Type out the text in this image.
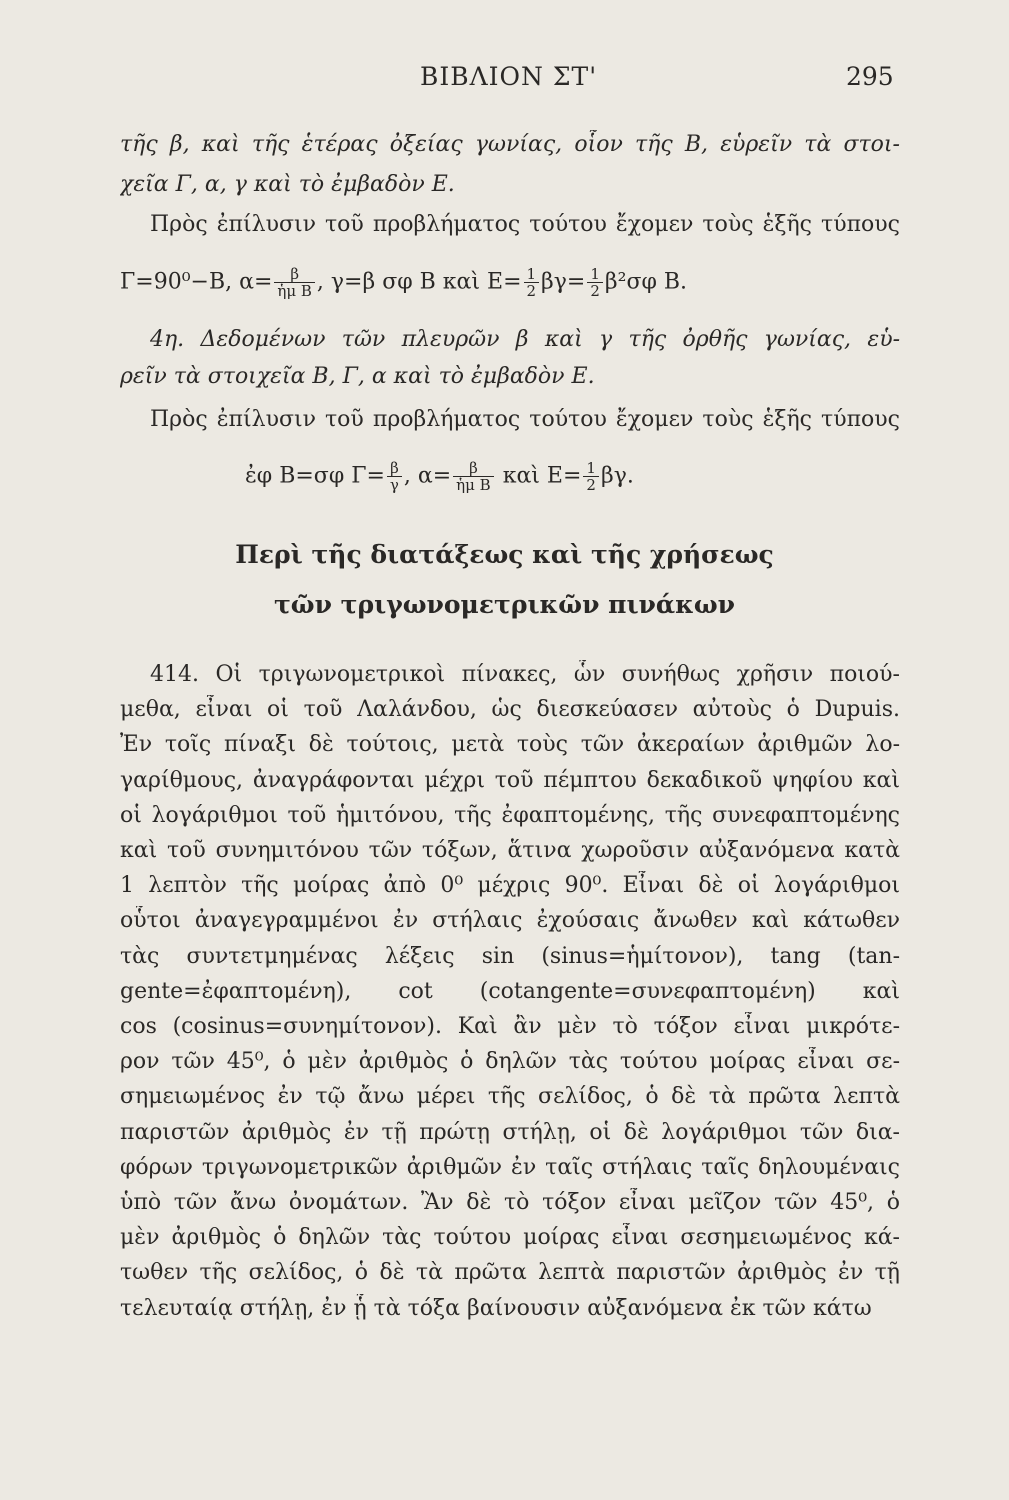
ΒΙΒΛΙΟΝ ΣΤ'	295
τῆς β, καὶ τῆς ἑτέρας ὀξείας γωνίας, οἷον τῆς Β, εὑρεῖν τὰ στοι-
χεῖα Γ, α, γ καὶ τὸ ἐμβαδὸν Ε.
Πρὸς ἐπίλυσιν τοῦ προβλήματος τούτου ἔχομεν τοὺς ἑξῆς τύπους
Γ=90⁰−Β, $\alpha= \frac{\beta}{\text{ἡμ Β}}$ , γ=β σφ Β καὶ $E= \frac{1}{2} \beta\gamma= \frac{1}{2} \beta^2\sigma\varphi$ Β.
4η. Δεδομένων τῶν πλευρῶν β καὶ γ τῆς ὀρθῆς γωνίας, εὑ-
ρεῖν τὰ στοιχεῖα Β, Γ, α καὶ τὸ ἐμβαδὸν Ε.
Πρὸς ἐπίλυσιν τοῦ προβλήματος τούτου ἔχομεν τοὺς ἑξῆς τύπους
ἐφ Β=σφ $\Gamma= \frac{\beta}{\gamma}$ , $\alpha= \frac{\beta}{\text{ἡμ Β}}$ καὶ $E= \frac{1}{2} \beta\gamma$.
Περὶ τῆς διατάξεως καὶ τῆς χρήσεως
τῶν τριγωνομετρικῶν πινάκων
414. Οἱ τριγωνομετρικοὶ πίνακες, ὧν συνήθως χρῆσιν ποιού-
μεθα, εἶναι οἱ τοῦ Λαλάνδου, ὡς διεσκεύασεν αὐτοὺς ὁ Dupuis.
Ἐν τοῖς πίναξι δὲ τούτοις, μετὰ τοὺς τῶν ἀκεραίων ἀριθμῶν λο-
γαρίθμους, ἀναγράφονται μέχρι τοῦ πέμπτου δεκαδικοῦ ψηφίου καὶ
οἱ λογάριθμοι τοῦ ἡμιτόνου, τῆς ἐφαπτομένης, τῆς συνεφαπτομένης
καὶ τοῦ συνημιτόνου τῶν τόξων, ἅτινα χωροῦσιν αὐξανόμενα κατὰ
1 λεπτὸν τῆς μοίρας ἀπὸ 0⁰ μέχρις 90⁰. Εἶναι δὲ οἱ λογάριθμοι
οὗτοι ἀναγεγραμμένοι ἐν στήλαις ἐχούσαις ἄνωθεν καὶ κάτωθεν
τὰς συντετμημένας λέξεις sin (sinus=ἡμίτονον), tang (tan-
gente=ἐφαπτομένη), cot (cotangente=συνεφαπτομένη) καὶ
cos (cosinus=συνημίτονον). Καὶ ἂν μὲν τὸ τόξον εἶναι μικρότε-
ρον τῶν 45⁰, ὁ μὲν ἀριθμὸς ὁ δηλῶν τὰς τούτου μοίρας εἶναι σε-
σημειωμένος ἐν τῷ ἄνω μέρει τῆς σελίδος, ὁ δὲ τὰ πρῶτα λεπτὰ
παριστῶν ἀριθμὸς ἐν τῇ πρώτῃ στήλῃ, οἱ δὲ λογάριθμοι τῶν δια-
φόρων τριγωνομετρικῶν ἀριθμῶν ἐν ταῖς στήλαις ταῖς δηλουμέναις
ὑπὸ τῶν ἄνω ὀνομάτων. Ἂν δὲ τὸ τόξον εἶναι μεῖζον τῶν 45⁰, ὁ
μὲν ἀριθμὸς ὁ δηλῶν τὰς τούτου μοίρας εἶναι σεσημειωμένος κά-
τωθεν τῆς σελίδος, ὁ δὲ τὰ πρῶτα λεπτὰ παριστῶν ἀριθμὸς ἐν τῇ
τελευταίᾳ στήλῃ, ἐν ᾗ τὰ τόξα βαίνουσιν αὐξανόμενα ἐκ τῶν κάτω
